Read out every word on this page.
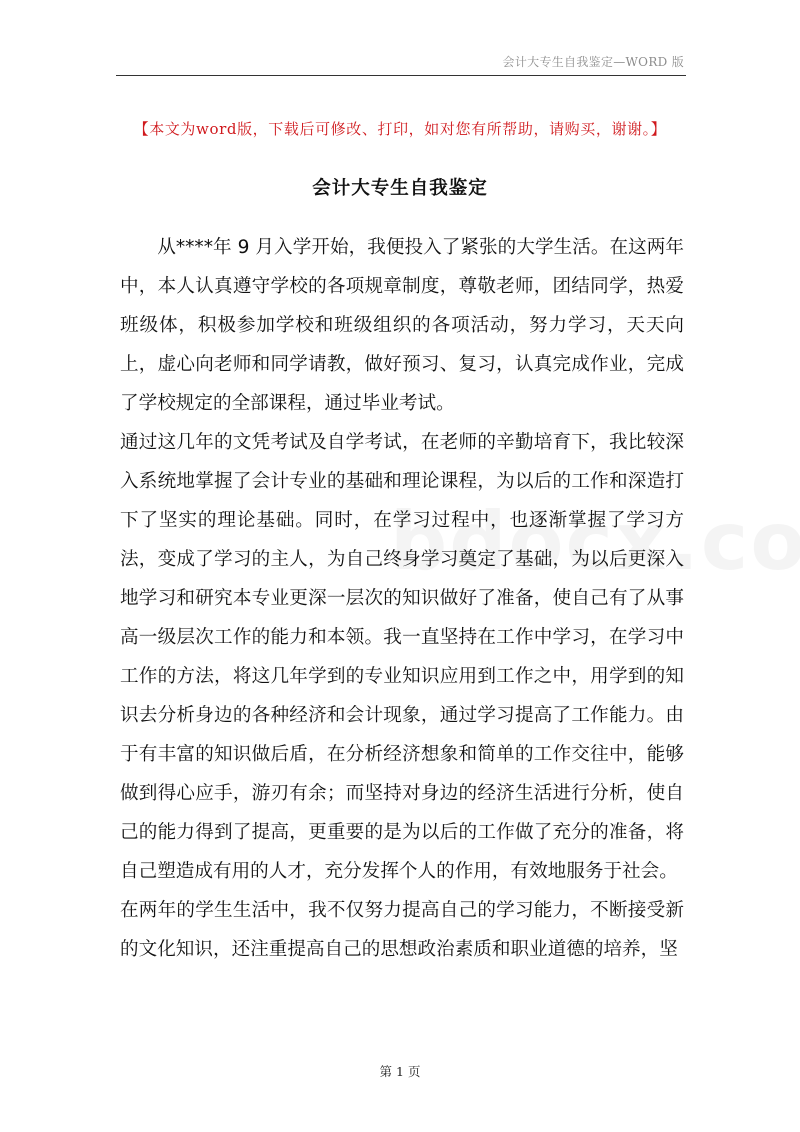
会计大专生自我鉴定—WORD 版
【本文为word版，下载后可修改、打印，如对您有所帮助，请购买，谢谢。】
会计大专生自我鉴定

从****年 9 月入学开始，我便投入了紧张的大学生活。在这两年中，本人认真遵守学校的各项规章制度，尊敬老师，团结同学，热爱班级体，积极参加学校和班级组织的各项活动，努力学习，天天向上，虚心向老师和同学请教，做好预习、复习，认真完成作业，完成了学校规定的全部课程，通过毕业考试。

通过这几年的文凭考试及自学考试，在老师的辛勤培育下，我比较深入系统地掌握了会计专业的基础和理论课程，为以后的工作和深造打下了坚实的理论基础。同时，在学习过程中，也逐渐掌握了学习方法，变成了学习的主人，为自己终身学习奠定了基础，为以后更深入地学习和研究本专业更深一层次的知识做好了准备，使自己有了从事高一级层次工作的能力和本领。我一直坚持在工作中学习，在学习中工作的方法，将这几年学到的专业知识应用到工作之中，用学到的知识去分析身边的各种经济和会计现象，通过学习提高了工作能力。由于有丰富的知识做后盾，在分析经济想象和简单的工作交往中，能够做到得心应手，游刃有余；而坚持对身边的经济生活进行分析，使自己的能力得到了提高，更重要的是为以后的工作做了充分的准备，将自己塑造成有用的人才，充分发挥个人的作用，有效地服务于社会。

在两年的学生生活中，我不仅努力提高自己的学习能力，不断接受新的文化知识，还注重提高自己的思想政治素质和职业道德的培养，坚

第 1 页
